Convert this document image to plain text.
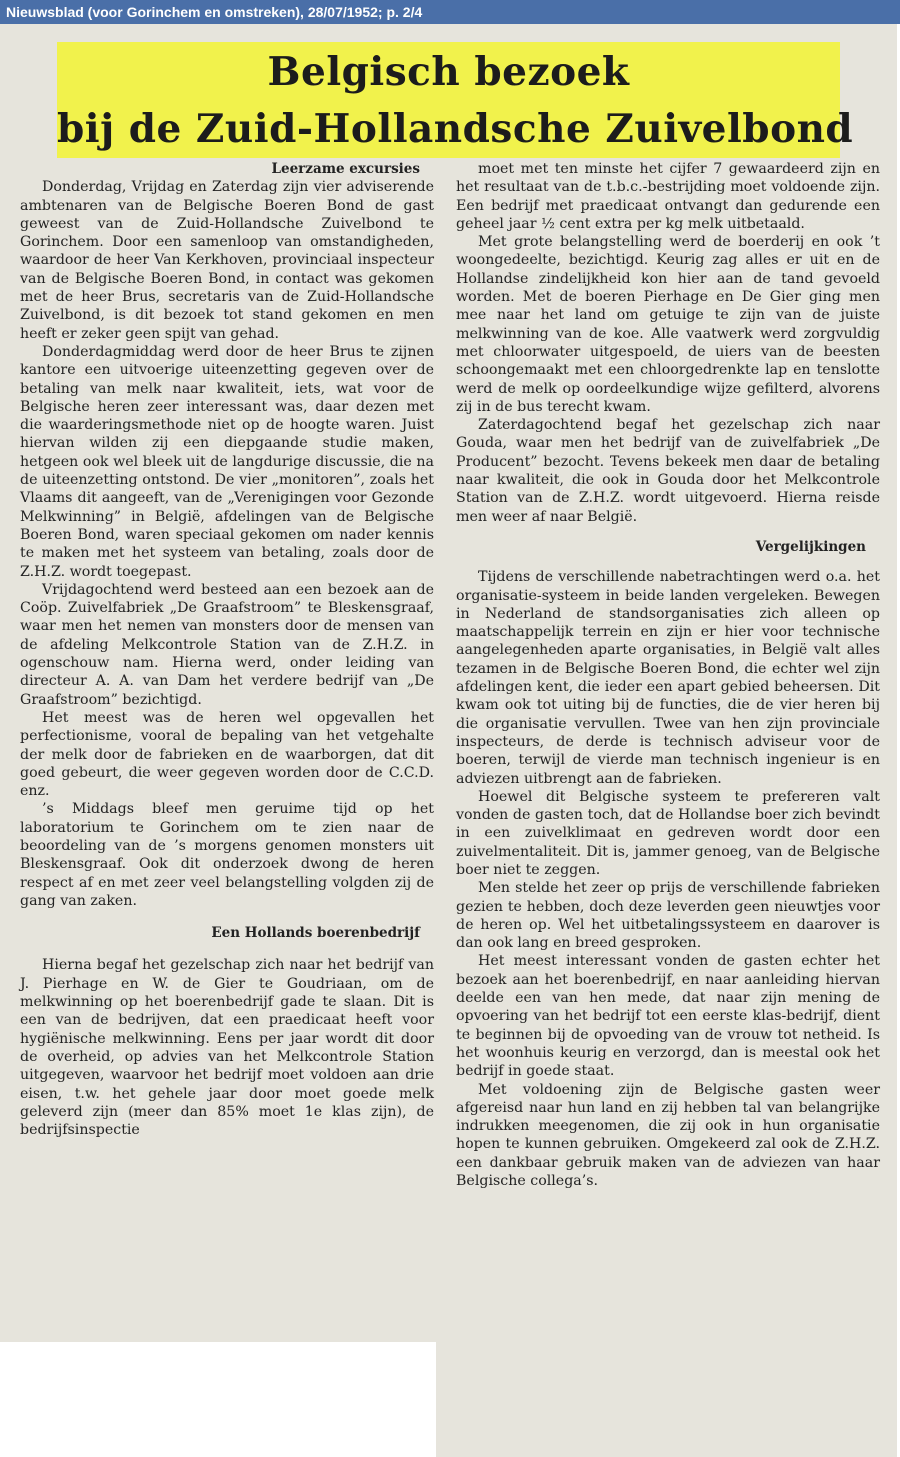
Nieuwsblad (voor Gorinchem en omstreken), 28/07/1952; p. 2/4
Belgisch bezoek
bij de Zuid-Hollandsche Zuivelbond
Leerzame excursies

Donderdag, Vrijdag en Zaterdag zijn vier adviserende ambtenaren van de Belgische Boeren Bond de gast geweest van de Zuid-Hollandsche Zuivelbond te Gorinchem. Door een samenloop van omstandigheden, waardoor de heer Van Kerkhoven, provinciaal inspecteur van de Belgische Boeren Bond, in contact was gekomen met de heer Brus, secretaris van de Zuid-Hollandsche Zuivelbond, is dit bezoek tot stand gekomen en men heeft er zeker geen spijt van gehad.

Donderdagmiddag werd door de heer Brus te zijnen kantore een uitvoerige uiteenzetting gegeven over de betaling van melk naar kwaliteit, iets, wat voor de Belgische heren zeer interessant was, daar dezen met die waarderingsmethode niet op de hoogte waren. Juist hiervan wilden zij een diepgaande studie maken, hetgeen ook wel bleek uit de langdurige discussie, die na de uiteenzetting ontstond. De vier „monitoren”, zoals het Vlaams dit aangeeft, van de „Verenigingen voor Gezonde Melkwinning” in België, afdelingen van de Belgische Boeren Bond, waren speciaal gekomen om nader kennis te maken met het systeem van betaling, zoals door de Z.H.Z. wordt toegepast.

Vrijdagochtend werd besteed aan een bezoek aan de Coöp. Zuivelfabriek „De Graafstroom” te Bleskensgraaf, waar men het nemen van monsters door de mensen van de afdeling Melkcontrole Station van de Z.H.Z. in ogenschouw nam. Hierna werd, onder leiding van directeur A. A. van Dam het verdere bedrijf van „De Graafstroom” bezichtigd.

Het meest was de heren wel opgevallen het perfectionisme, vooral de bepaling van het vetgehalte der melk door de fabrieken en de waarborgen, dat dit goed gebeurt, die weer gegeven worden door de C.C.D. enz.

’s Middags bleef men geruime tijd op het laboratorium te Gorinchem om te zien naar de beoordeling van de ’s morgens genomen monsters uit Bleskensgraaf. Ook dit onderzoek dwong de heren respect af en met zeer veel belangstelling volgden zij de gang van zaken.

Een Hollands boerenbedrijf

Hierna begaf het gezelschap zich naar het bedrijf van J. Pierhage en W. de Gier te Goudriaan, om de melkwinning op het boerenbedrijf gade te slaan. Dit is een van de bedrijven, dat een praedicaat heeft voor hygiënische melkwinning. Eens per jaar wordt dit door de overheid, op advies van het Melkcontrole Station uitgegeven, waarvoor het bedrijf moet voldoen aan drie eisen, t.w. het gehele jaar door moet goede melk geleverd zijn (meer dan 85% moet 1e klas zijn), de bedrijfsinspectie

moet met ten minste het cijfer 7 gewaardeerd zijn en het resultaat van de t.b.c.-bestrijding moet voldoende zijn. Een bedrijf met praedicaat ontvangt dan gedurende een geheel jaar ½ cent extra per kg melk uitbetaald.

Met grote belangstelling werd de boerderij en ook ’t woongedeelte, bezichtigd. Keurig zag alles er uit en de Hollandse zindelijkheid kon hier aan de tand gevoeld worden. Met de boeren Pierhage en De Gier ging men mee naar het land om getuige te zijn van de juiste melkwinning van de koe. Alle vaatwerk werd zorgvuldig met chloorwater uitgespoeld, de uiers van de beesten schoongemaakt met een chloorgedrenkte lap en tenslotte werd de melk op oordeelkundige wijze gefilterd, alvorens zij in de bus terecht kwam.

Zaterdagochtend begaf het gezelschap zich naar Gouda, waar men het bedrijf van de zuivelfabriek „De Producent” bezocht. Tevens bekeek men daar de betaling naar kwaliteit, die ook in Gouda door het Melkcontrole Station van de Z.H.Z. wordt uitgevoerd. Hierna reisde men weer af naar België.

Vergelijkingen

Tijdens de verschillende nabetrachtingen werd o.a. het organisatie-systeem in beide landen vergeleken. Bewegen in Nederland de standsorganisaties zich alleen op maatschappelijk terrein en zijn er hier voor technische aangelegenheden aparte organisaties, in België valt alles tezamen in de Belgische Boeren Bond, die echter wel zijn afdelingen kent, die ieder een apart gebied beheersen. Dit kwam ook tot uiting bij de functies, die de vier heren bij die organisatie vervullen. Twee van hen zijn provinciale inspecteurs, de derde is technisch adviseur voor de boeren, terwijl de vierde man technisch ingenieur is en adviezen uitbrengt aan de fabrieken.

Hoewel dit Belgische systeem te prefereren valt vonden de gasten toch, dat de Hollandse boer zich bevindt in een zuivelklimaat en gedreven wordt door een zuivelmentaliteit. Dit is, jammer genoeg, van de Belgische boer niet te zeggen.

Men stelde het zeer op prijs de verschillende fabrieken gezien te hebben, doch deze leverden geen nieuwtjes voor de heren op. Wel het uitbetalingssysteem en daarover is dan ook lang en breed gesproken.

Het meest interessant vonden de gasten echter het bezoek aan het boerenbedrijf, en naar aanleiding hiervan deelde een van hen mede, dat naar zijn mening de opvoering van het bedrijf tot een eerste klas-bedrijf, dient te beginnen bij de opvoeding van de vrouw tot netheid. Is het woonhuis keurig en verzorgd, dan is meestal ook het bedrijf in goede staat.

Met voldoening zijn de Belgische gasten weer afgereisd naar hun land en zij hebben tal van belangrijke indrukken meegenomen, die zij ook in hun organisatie hopen te kunnen gebruiken. Omgekeerd zal ook de Z.H.Z. een dankbaar gebruik maken van de adviezen van haar Belgische collega’s.
